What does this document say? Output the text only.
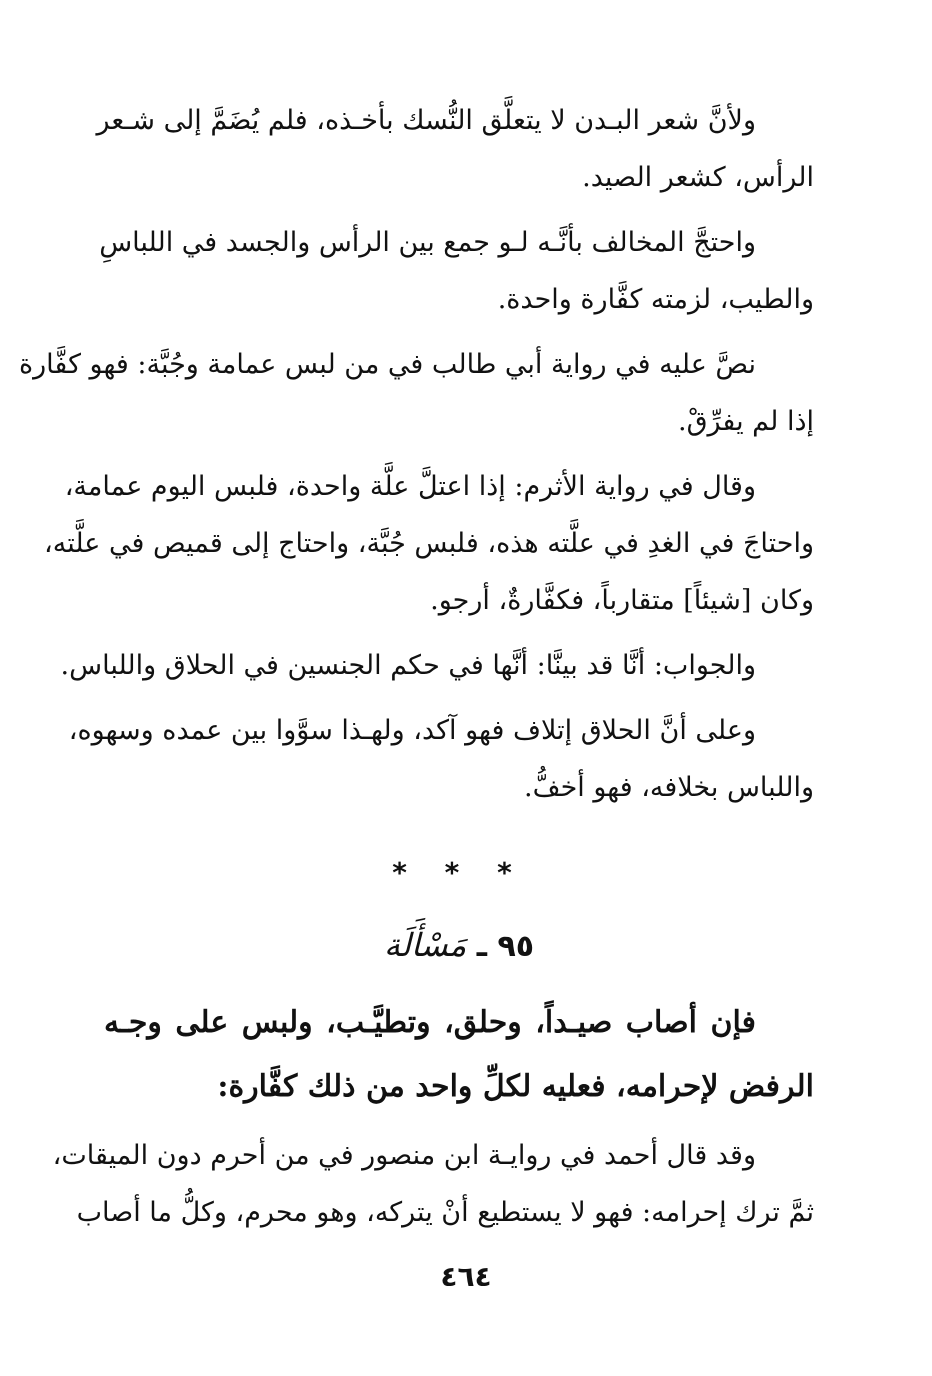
ولأنَّ شعر البـدن لا يتعلَّق النُّسك بأخـذه، فلم يُضَمَّ إلى شـعر
الرأس، كشعر الصيد.

واحتجَّ المخالف بأنَّـه لـو جمع بين الرأس والجسد في اللباسِ
والطيب، لزمته كفَّارة واحدة.

نصَّ عليه في رواية أبي طالب في من لبس عمامة وجُبَّة: فهو كفَّارة
إذا لم يفرِّقْ.

وقال في رواية الأثرم: إذا اعتلَّ علَّة واحدة، فلبس اليوم عمامة،
واحتاجَ في الغدِ في علَّته هذه، فلبس جُبَّة، واحتاج إلى قميص في علَّته،
وكان [شيئاً] متقارباً، فكفَّارةٌ، أرجو.

والجواب: أنَّا قد بينَّا: أنَّها في حكم الجنسين في الحلاق واللباس.

وعلى أنَّ الحلاق إتلاف فهو آكد، ولهـذا سوَّوا بين عمده وسهوه،
واللباس بخلافه، فهو أخفُّ.

* * *
٩٥ ـ مَسْأَلَة

فإن أصاب صيـداً، وحلق، وتطيَّـب، ولبس على وجـه
الرفض لإحرامه، فعليه لكلِّ واحد من ذلك كفَّارة:

وقد قال أحمد في روايـة ابن منصور في من أحرم دون الميقات،
ثمَّ ترك إحرامه: فهو لا يستطيع أنْ يتركه، وهو محرم، وكلُّ ما أصاب

٤٦٤
